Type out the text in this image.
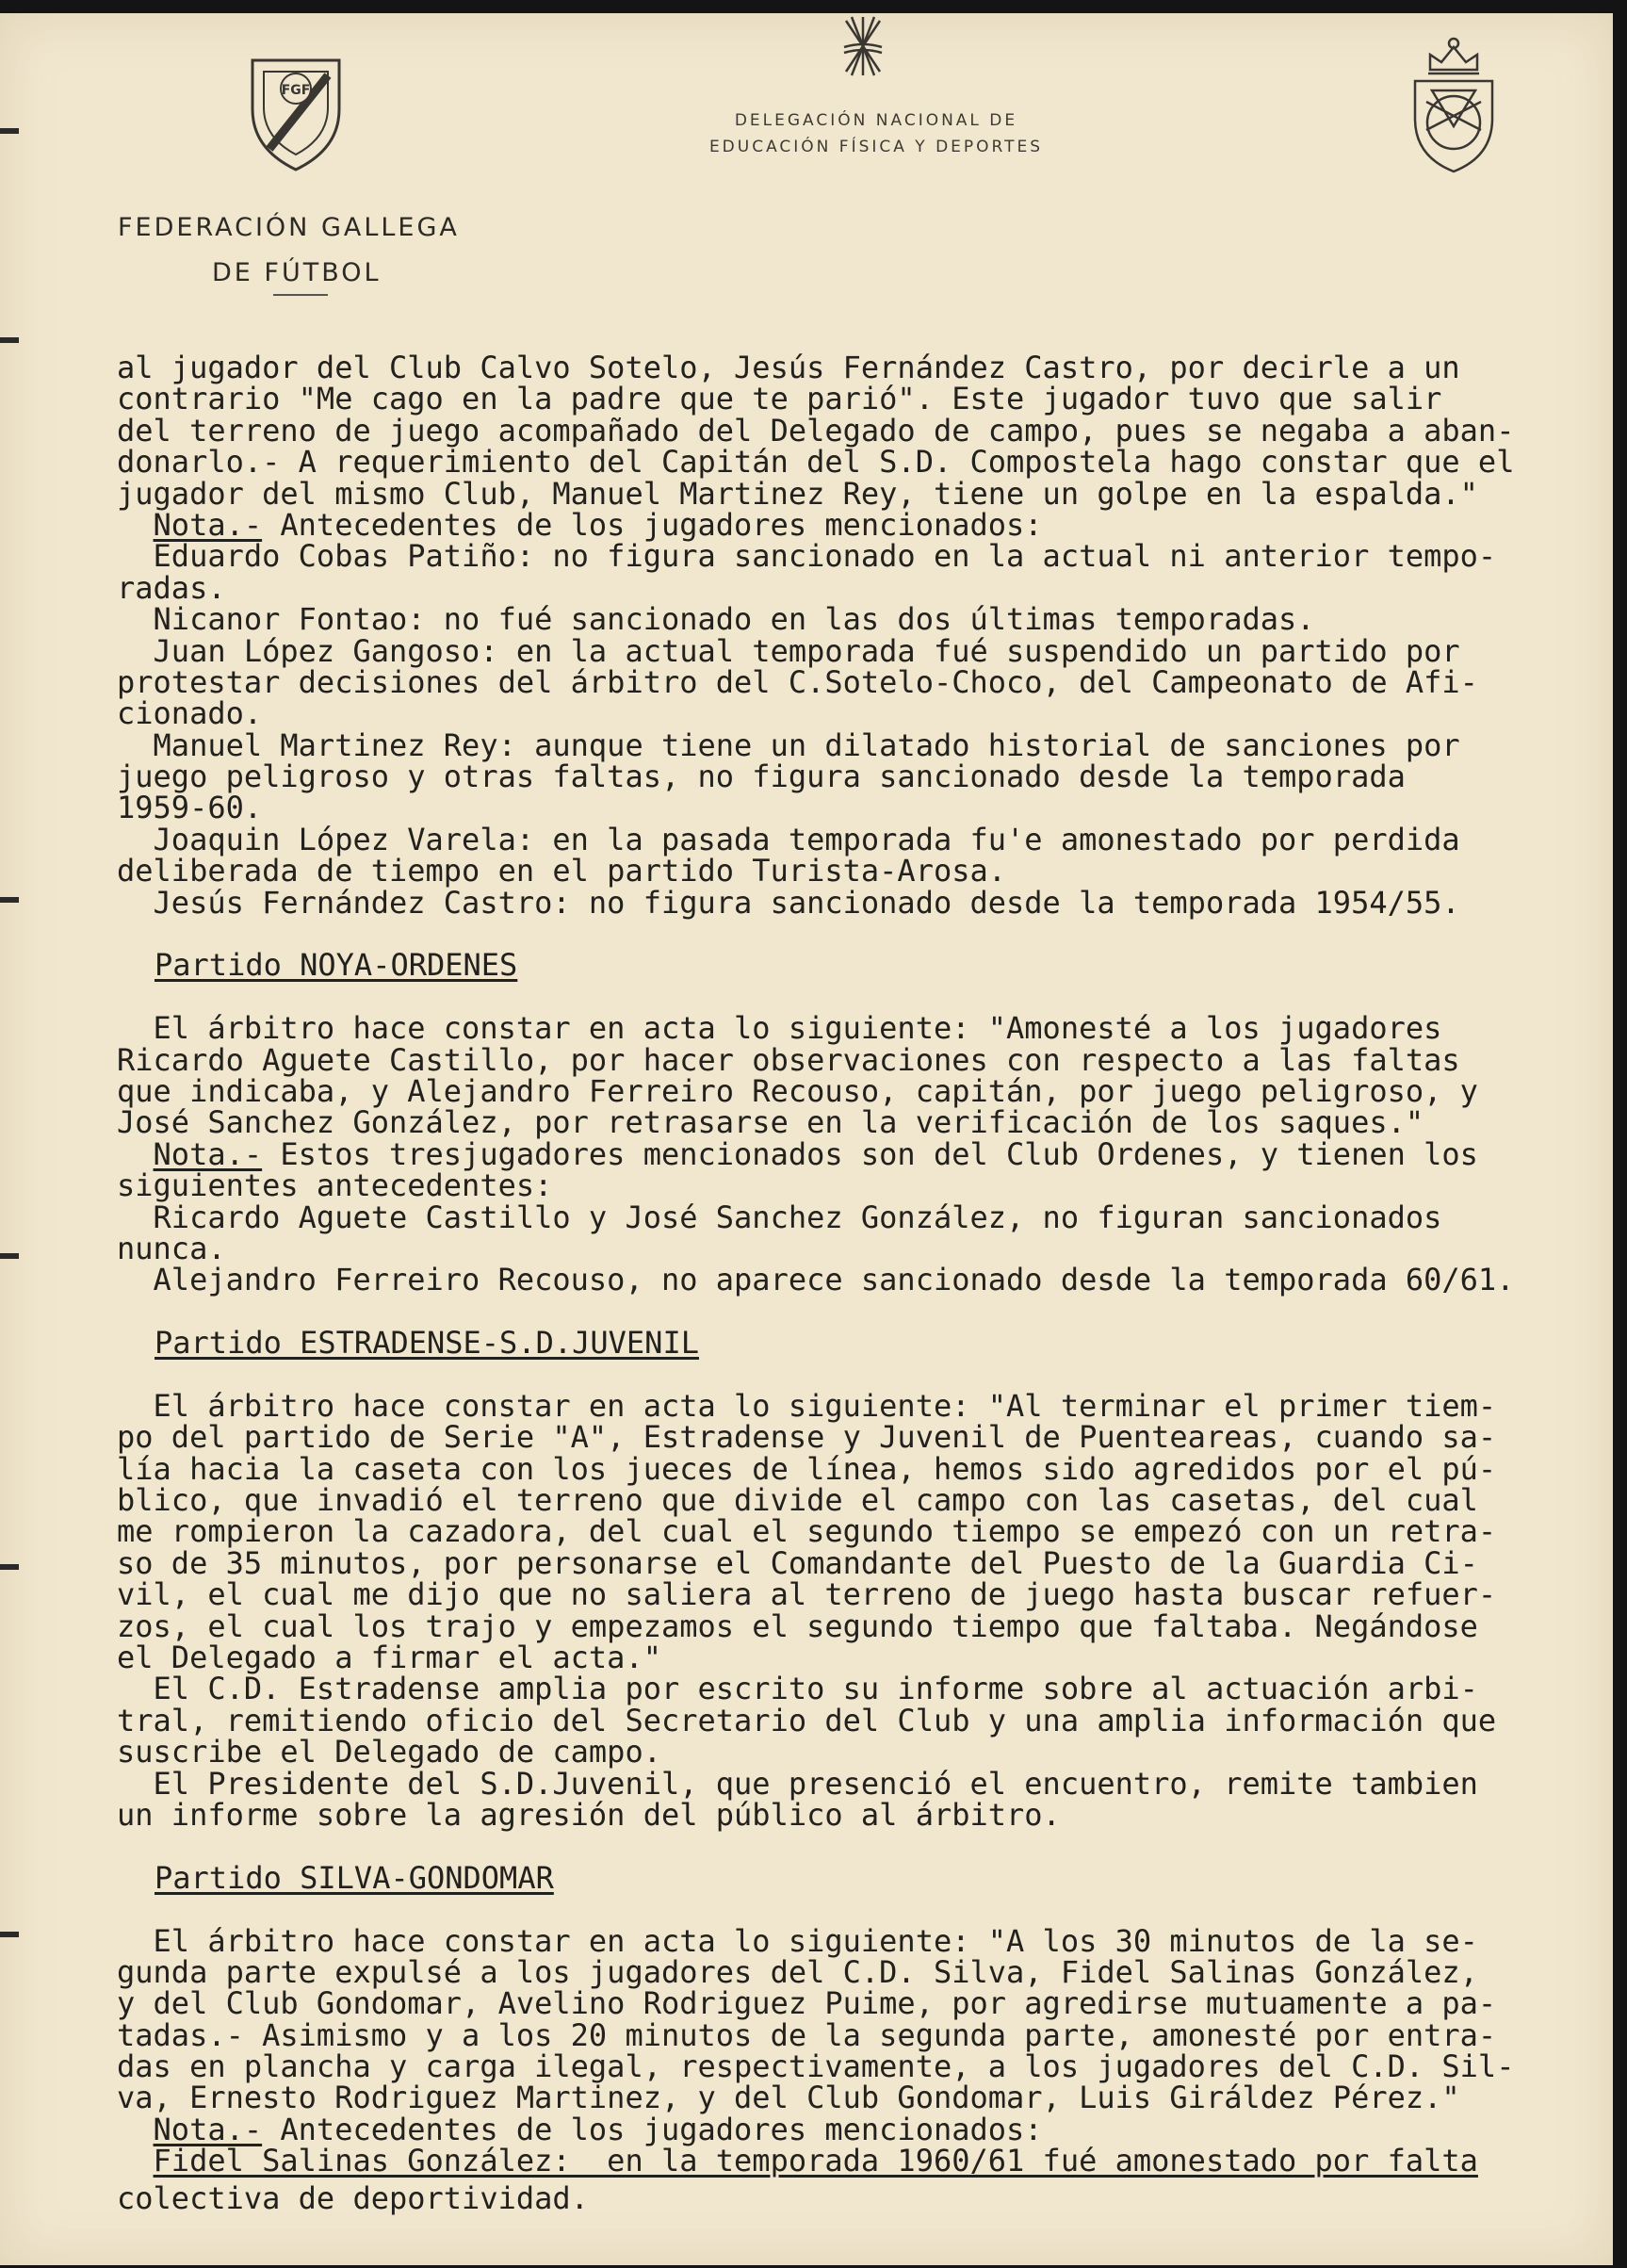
FGF
DELEGACIÓN NACIONAL DE
EDUCACIÓN FÍSICA Y DEPORTES
FEDERACIÓN GALLEGA
DE FÚTBOL
al jugador del Club Calvo Sotelo, Jesús Fernández Castro, por decirle a un
contrario "Me cago en la padre que te parió". Este jugador tuvo que salir
del terreno de juego acompañado del Delegado de campo, pues se negaba a aban-
donarlo.- A requerimiento del Capitán del S.D. Compostela hago constar que el
jugador del mismo Club, Manuel Martinez Rey, tiene un golpe en la espalda."
Nota.- Antecedentes de los jugadores mencionados:
Eduardo Cobas Patiño: no figura sancionado en la actual ni anterior tempo-
radas.
Nicanor Fontao: no fué sancionado en las dos últimas temporadas.
Juan López Gangoso: en la actual temporada fué suspendido un partido por
protestar decisiones del árbitro del C.Sotelo-Choco, del Campeonato de Afi-
cionado.
Manuel Martinez Rey: aunque tiene un dilatado historial de sanciones por
juego peligroso y otras faltas, no figura sancionado desde la temporada
1959-60.
Joaquin López Varela: en la pasada temporada fu'e amonestado por perdida
deliberada de tiempo en el partido Turista-Arosa.
Jesús Fernández Castro: no figura sancionado desde la temporada 1954/55.
Partido NOYA-ORDENES
El árbitro hace constar en acta lo siguiente: "Amonesté a los jugadores
Ricardo Aguete Castillo, por hacer observaciones con respecto a las faltas
que indicaba, y Alejandro Ferreiro Recouso, capitán, por juego peligroso, y
José Sanchez González, por retrasarse en la verificación de los saques."
Nota.- Estos tresjugadores mencionados son del Club Ordenes, y tienen los
siguientes antecedentes:
Ricardo Aguete Castillo y José Sanchez González, no figuran sancionados
nunca.
Alejandro Ferreiro Recouso, no aparece sancionado desde la temporada 60/61.
Partido ESTRADENSE-S.D.JUVENIL
El árbitro hace constar en acta lo siguiente: "Al terminar el primer tiem-
po del partido de Serie "A", Estradense y Juvenil de Puenteareas, cuando sa-
lía hacia la caseta con los jueces de línea, hemos sido agredidos por el pú-
blico, que invadió el terreno que divide el campo con las casetas, del cual
me rompieron la cazadora, del cual el segundo tiempo se empezó con un retra-
so de 35 minutos, por personarse el Comandante del Puesto de la Guardia Ci-
vil, el cual me dijo que no saliera al terreno de juego hasta buscar refuer-
zos, el cual los trajo y empezamos el segundo tiempo que faltaba. Negándose
el Delegado a firmar el acta."
El C.D. Estradense amplia por escrito su informe sobre al actuación arbi-
tral, remitiendo oficio del Secretario del Club y una amplia información que
suscribe el Delegado de campo.
El Presidente del S.D.Juvenil, que presenció el encuentro, remite tambien
un informe sobre la agresión del público al árbitro.
Partido SILVA-GONDOMAR
El árbitro hace constar en acta lo siguiente: "A los 30 minutos de la se-
gunda parte expulsé a los jugadores del C.D. Silva, Fidel Salinas González,
y del Club Gondomar, Avelino Rodriguez Puime, por agredirse mutuamente a pa-
tadas.- Asimismo y a los 20 minutos de la segunda parte, amonesté por entra-
das en plancha y carga ilegal, respectivamente, a los jugadores del C.D. Sil-
va, Ernesto Rodriguez Martinez, y del Club Gondomar, Luis Giráldez Pérez."
Nota.- Antecedentes de los jugadores mencionados:
Fidel Salinas González:  en la temporada 1960/61 fué amonestado por falta
colectiva de deportividad.
